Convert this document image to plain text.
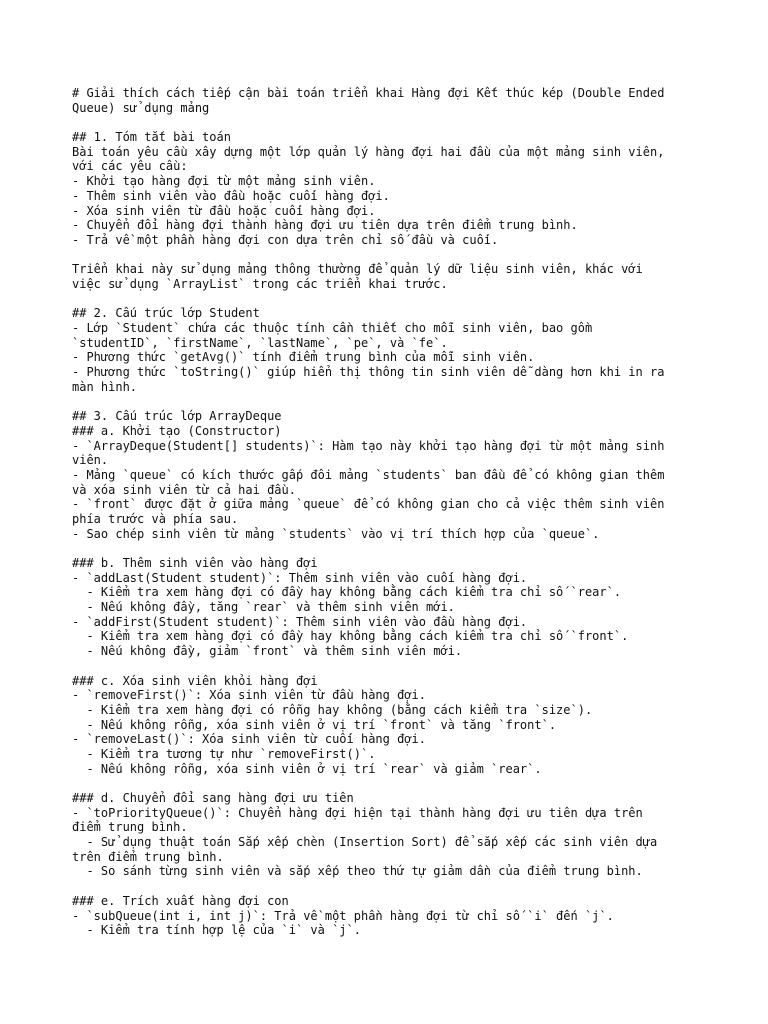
# Giải thích cách tiếp cận bài toán triển khai Hàng đợi Kết thúc kép (Double Ended
Queue) sử dụng mảng
## 1. Tóm tắt bài toán
Bài toán yêu cầu xây dựng một lớp quản lý hàng đợi hai đầu của một mảng sinh viên,
với các yêu cầu:
- Khởi tạo hàng đợi từ một mảng sinh viên.
- Thêm sinh viên vào đầu hoặc cuối hàng đợi.
- Xóa sinh viên từ đầu hoặc cuối hàng đợi.
- Chuyển đổi hàng đợi thành hàng đợi ưu tiên dựa trên điểm trung bình.
- Trả về một phần hàng đợi con dựa trên chỉ số đầu và cuối.
Triển khai này sử dụng mảng thông thường để quản lý dữ liệu sinh viên, khác với
việc sử dụng `ArrayList` trong các triển khai trước.
## 2. Cấu trúc lớp Student
- Lớp `Student` chứa các thuộc tính cần thiết cho mỗi sinh viên, bao gồm
`studentID`, `firstName`, `lastName`, `pe`, và `fe`.
- Phương thức `getAvg()` tính điểm trung bình của mỗi sinh viên.
- Phương thức `toString()` giúp hiển thị thông tin sinh viên dễ dàng hơn khi in ra
màn hình.
## 3. Cấu trúc lớp ArrayDeque
### a. Khởi tạo (Constructor)
- `ArrayDeque(Student[] students)`: Hàm tạo này khởi tạo hàng đợi từ một mảng sinh
viên.
- Mảng `queue` có kích thước gấp đôi mảng `students` ban đầu để có không gian thêm
và xóa sinh viên từ cả hai đầu.
- `front` được đặt ở giữa mảng `queue` để có không gian cho cả việc thêm sinh viên
phía trước và phía sau.
- Sao chép sinh viên từ mảng `students` vào vị trí thích hợp của `queue`.
### b. Thêm sinh viên vào hàng đợi
- `addLast(Student student)`: Thêm sinh viên vào cuối hàng đợi.
- Kiểm tra xem hàng đợi có đầy hay không bằng cách kiểm tra chỉ số `rear`.
- Nếu không đầy, tăng `rear` và thêm sinh viên mới.
- `addFirst(Student student)`: Thêm sinh viên vào đầu hàng đợi.
- Kiểm tra xem hàng đợi có đầy hay không bằng cách kiểm tra chỉ số `front`.
- Nếu không đầy, giảm `front` và thêm sinh viên mới.
### c. Xóa sinh viên khỏi hàng đợi
- `removeFirst()`: Xóa sinh viên từ đầu hàng đợi.
- Kiểm tra xem hàng đợi có rỗng hay không (bằng cách kiểm tra `size`).
- Nếu không rỗng, xóa sinh viên ở vị trí `front` và tăng `front`.
- `removeLast()`: Xóa sinh viên từ cuối hàng đợi.
- Kiểm tra tương tự như `removeFirst()`.
- Nếu không rỗng, xóa sinh viên ở vị trí `rear` và giảm `rear`.
### d. Chuyển đổi sang hàng đợi ưu tiên
- `toPriorityQueue()`: Chuyển hàng đợi hiện tại thành hàng đợi ưu tiên dựa trên
điểm trung bình.
- Sử dụng thuật toán Sắp xếp chèn (Insertion Sort) để sắp xếp các sinh viên dựa
trên điểm trung bình.
- So sánh từng sinh viên và sắp xếp theo thứ tự giảm dần của điểm trung bình.
### e. Trích xuất hàng đợi con
- `subQueue(int i, int j)`: Trả về một phần hàng đợi từ chỉ số `i` đến `j`.
- Kiểm tra tính hợp lệ của `i` và `j`.
